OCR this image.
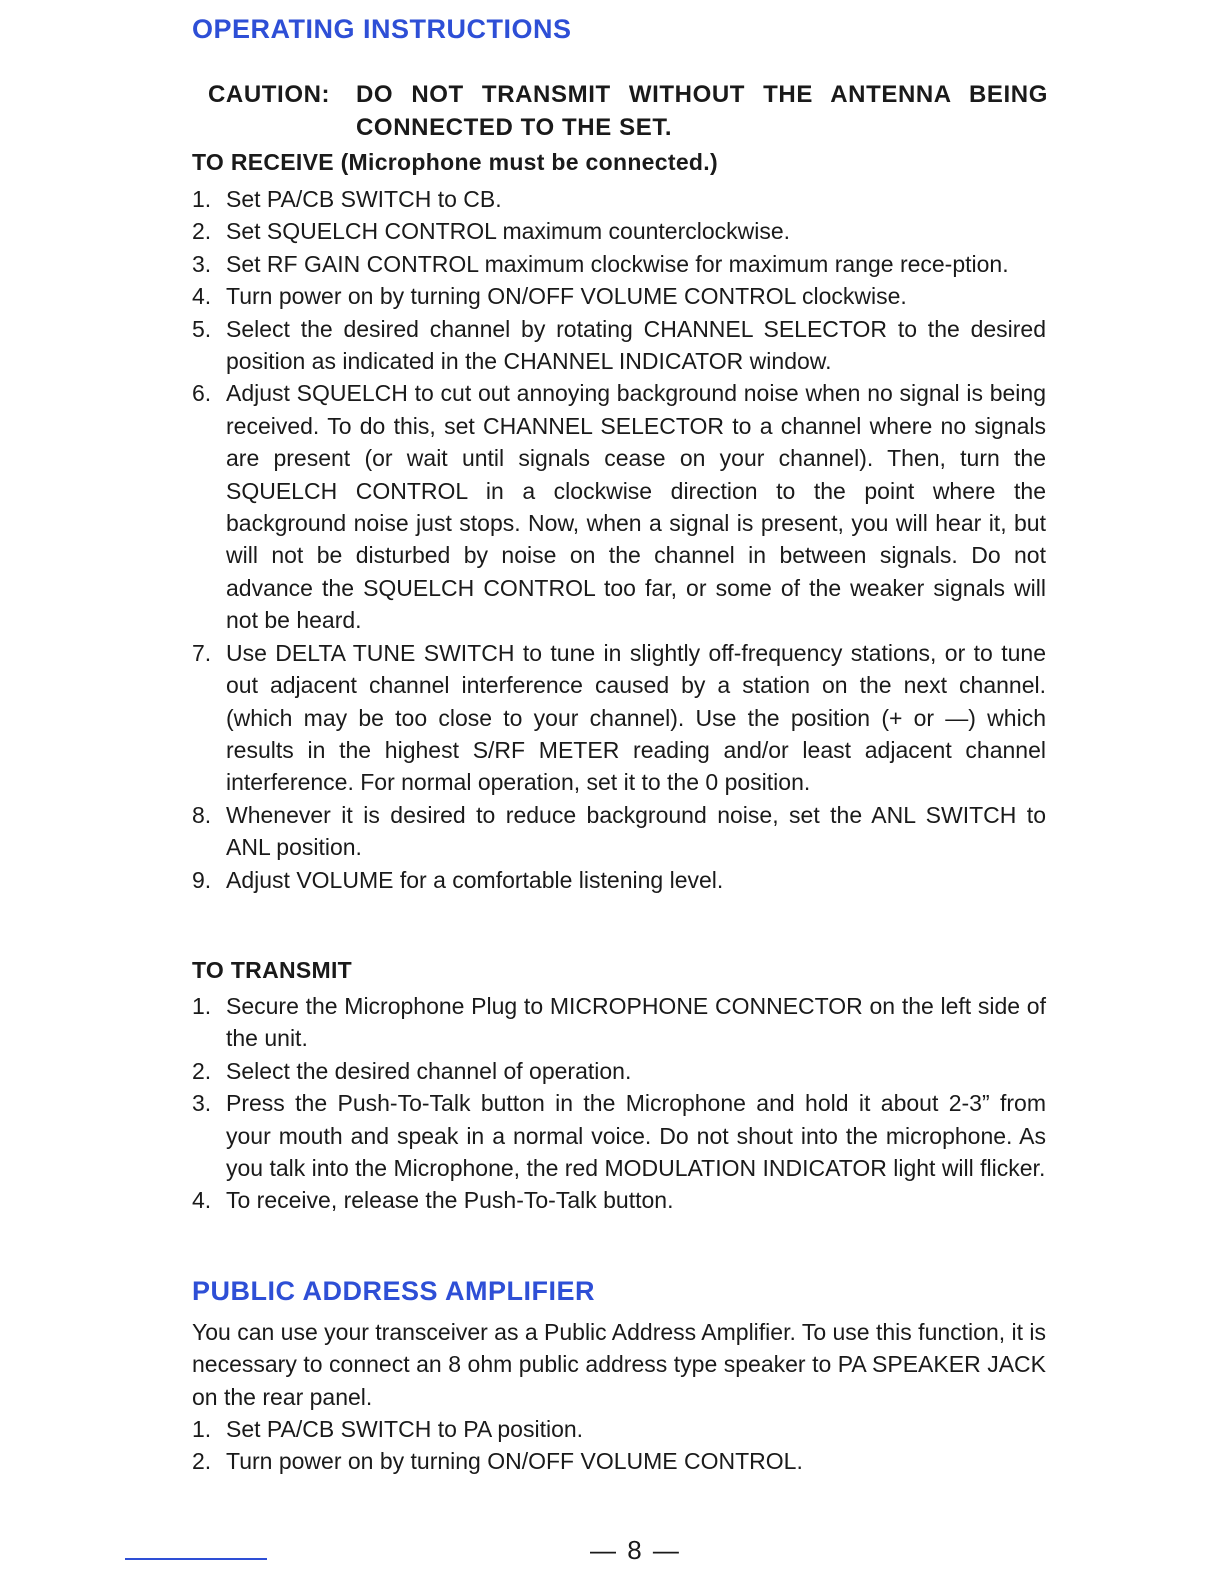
OPERATING INSTRUCTIONS
CAUTION: DO NOT TRANSMIT WITHOUT THE ANTENNA BEING CONNECTED TO THE SET.
TO RECEIVE (Microphone must be connected.)
1. Set PA/CB SWITCH to CB.
2. Set SQUELCH CONTROL maximum counterclockwise.
3. Set RF GAIN CONTROL maximum clockwise for maximum range rece-ption.
4. Turn power on by turning ON/OFF VOLUME CONTROL clockwise.
5. Select the desired channel by rotating CHANNEL SELECTOR to the desired position as indicated in the CHANNEL INDICATOR window.
6. Adjust SQUELCH to cut out annoying background noise when no signal is being received. To do this, set CHANNEL SELECTOR to a channel where no signals are present (or wait until signals cease on your channel). Then, turn the SQUELCH CONTROL in a clockwise direction to the point where the background noise just stops. Now, when a signal is present, you will hear it, but will not be disturbed by noise on the channel in between signals. Do not advance the SQUELCH CONTROL too far, or some of the weaker signals will not be heard.
7. Use DELTA TUNE SWITCH to tune in slightly off-frequency stations, or to tune out adjacent channel interference caused by a station on the next channel. (which may be too close to your channel). Use the position (+ or —) which results in the highest S/RF METER reading and/or least adjacent channel interference. For normal operation, set it to the 0 position.
8. Whenever it is desired to reduce background noise, set the ANL SWITCH to ANL position.
9. Adjust VOLUME for a comfortable listening level.
TO TRANSMIT
1. Secure the Microphone Plug to MICROPHONE CONNECTOR on the left side of the unit.
2. Select the desired channel of operation.
3. Press the Push-To-Talk button in the Microphone and hold it about 2-3” from your mouth and speak in a normal voice. Do not shout into the microphone. As you talk into the Microphone, the red MODULATION INDICATOR light will flicker.
4. To receive, release the Push-To-Talk button.
PUBLIC ADDRESS AMPLIFIER

You can use your transceiver as a Public Address Amplifier. To use this function, it is necessary to connect an 8 ohm public address type speaker to PA SPEAKER JACK on the rear panel.

1. Set PA/CB SWITCH to PA position.
2. Turn power on by turning ON/OFF VOLUME CONTROL.
— 8 —
